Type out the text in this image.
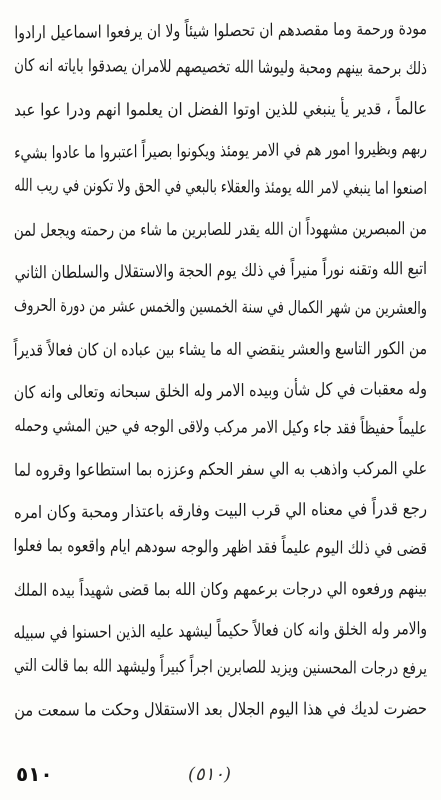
مودة ورحمة وما مقصدهم ان تحصلوا شيئاً ولا ان يرفعوا اسماعيل ارادوا
ذلك برحمة بينهم ومحبة وليوشا الله تخصيصهم للامران يصدقوا باياته انه كان
عالماً ، قدير يأ ينبغي للذين اوتوا الفضل ان يعلموا انهم ودرا عوا عبد
ربهم وبظيروا امور هم في الامر يومئذ ويكونوا بصيراً اعتبروا ما عادوا بشيء
اصنعوا اما ينبغي لامر الله يومئذ والعقلاء بالبعي في الحق ولا تكونن في ريب الله
من المبصرين مشهوداً ان الله يقدر للصابرين ما شاء من رحمته ويجعل لمن
اتبع الله وتقنه نوراً منيراً في ذلك يوم الحجة والاستقلال والسلطان الثاني
والعشرين من شهر الكمال في سنة الخمسين والخمس عشر من دورة الحروف
من الكور التاسع والعشر ينقضي اله ما يشاء بين عباده ان كان فعالاً قديراً
وله معقبات في كل شأن وبيده الامر وله الخلق سبحانه وتعالى وانه كان
عليماً حفيظاً فقد جاء وكيل الامر مركب ولاقى الوجه في حين المشي وحمله
علي المركب واذهب به الي سفر الحكم وعززه بما استطاعوا وقروه لما
رجع قدراً في معناه الي قرب البيت وفارقه باعتذار ومحبة وكان امره
قضى في ذلك اليوم عليماً فقد اظهر والوجه سودهم ايام واقعوه بما فعلوا
بينهم ورفعوه الي درجات برعمهم وكان الله بما قضى شهيداً بيده الملك
والامر وله الخلق وانه كان فعالاً حكيماً ليشهد عليه الذين احسنوا في سبيله
يرفع درجات المحسنين ويزيد للصابرين اجراً كبيراً وليشهد الله بما قالت التي
حضرت لديك في هذا اليوم الجلال بعد الاستقلال وحكت ما سمعت من
٥١٠	(٥١٠)
